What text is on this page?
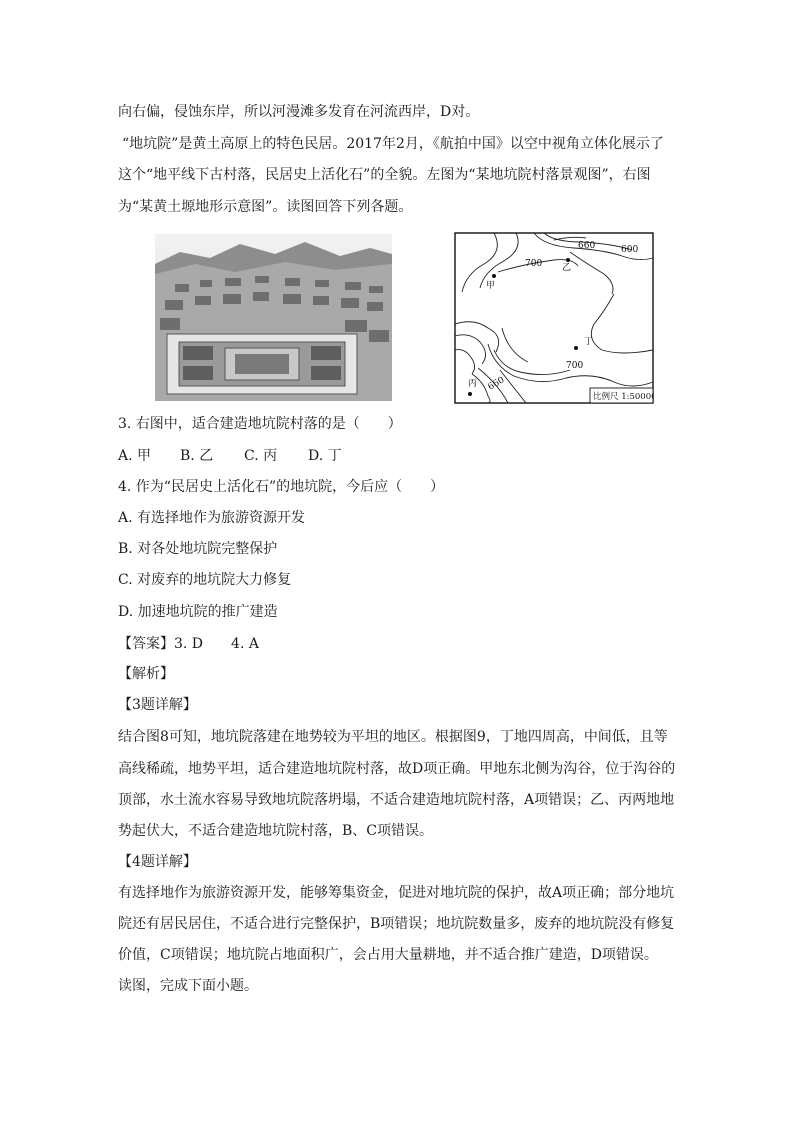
向右偏，侵蚀东岸，所以河漫滩多发育在河流西岸，D对。
“地坑院”是黄土高原上的特色民居。2017年2月，《航拍中国》以空中视角立体化展示了
这个“地平线下古村落，民居史上活化石”的全貌。左图为“某地坑院村落景观图”，右图
为“某黄土塬地形示意图”。读图回答下列各题。
660	600
700
700
660
甲
乙
丁
丙
比例尺 1:50000
3. 右图中，适合建造地坑院村落的是（　　）
A. 甲 B. 乙 C. 丙 D. 丁
4. 作为“民居史上活化石”的地坑院，今后应（　　）
A. 有选择地作为旅游资源开发
B. 对各处地坑院完整保护
C. 对废弃的地坑院大力修复
D. 加速地坑院的推广建造
【答案】3. D　　4. A
【解析】
【3题详解】
结合图8可知，地坑院落建在地势较为平坦的地区。根据图9，丁地四周高，中间低，且等
高线稀疏，地势平坦，适合建造地坑院村落，故D项正确。甲地东北侧为沟谷，位于沟谷的
顶部，水土流水容易导致地坑院落坍塌，不适合建造地坑院村落，A项错误；乙、丙两地地
势起伏大，不适合建造地坑院村落，B、C项错误。
【4题详解】
有选择地作为旅游资源开发，能够筹集资金，促进对地坑院的保护，故A项正确；部分地坑
院还有居民居住，不适合进行完整保护，B项错误；地坑院数量多，废弃的地坑院没有修复
价值，C项错误；地坑院占地面积广，会占用大量耕地，并不适合推广建造，D项错误。
读图，完成下面小题。
